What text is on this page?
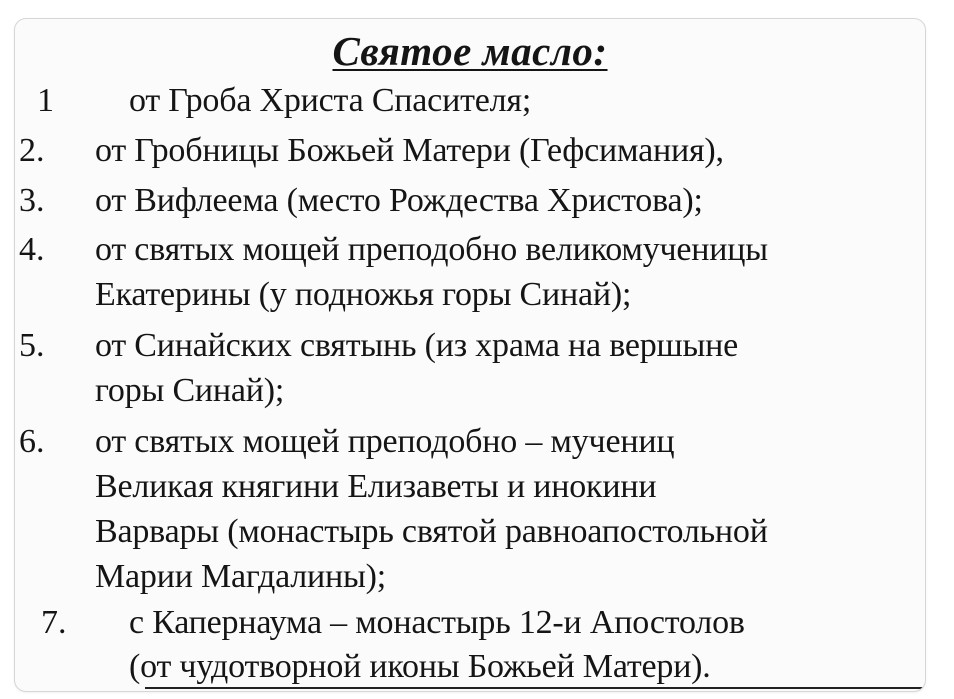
Святое масло:
1 от Гроба Христа Спасителя;
2. от Гробницы Божьей Матери (Гефсимания),
3. от Вифлеема (место Рождества Христова);
4. от святых мощей преподобно великомученицы
Екатерины (у подножья горы Синай);
5. от Синайских святынь (из храма на вершыне
горы Синай);
6. от святых мощей преподобно – мучениц
Великая княгини Елизаветы и инокини
Варвары (монастырь святой равноапостольной
Марии Магдалины);
7. с Капернаума – монастырь 12-и Апостолов
(от чудотворной иконы Божьей Матери).
